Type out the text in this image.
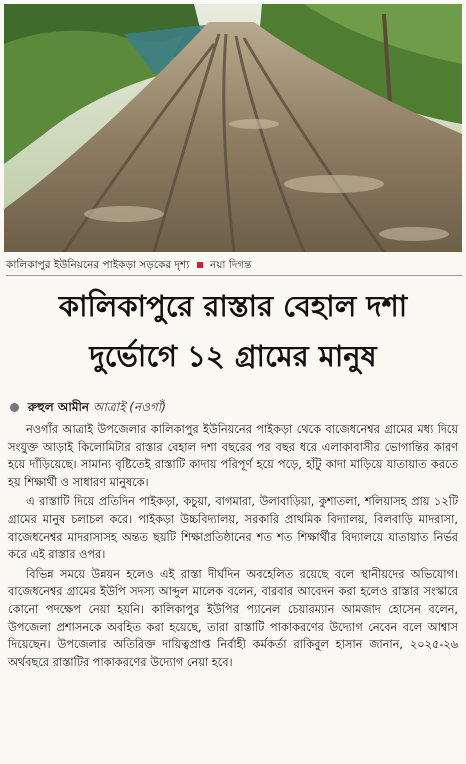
কালিকাপুর ইউনিয়নের পাইকড়া সড়কের দৃশ্য নয়া দিগন্ত
কালিকাপুরে রাস্তার বেহাল দশা
দুর্ভোগে ১২ গ্রামের মানুষ
রুহুল আমীন আত্রাই (নওগাঁ)

নওগাঁর আত্রাই উপজেলার কালিকাপুর ইউনিয়নের পাইকড়া থেকে বাজেধনেশ্বর গ্রামের মধ্য দিয়ে সংযুক্ত আড়াই কিলোমিটার রাস্তার বেহাল দশা বছরের পর বছর ধরে এলাকাবাসীর ভোগান্তির কারণ হয়ে দাঁড়িয়েছে। সামান্য বৃষ্টিতেই রাস্তাটি কাদায় পরিপূর্ণ হয়ে পড়ে, হাঁটু কাদা মাড়িয়ে যাতায়াত করতে হয় শিক্ষার্থী ও সাধারণ মানুষকে।

এ রাস্তাটি দিয়ে প্রতিদিন পাইকড়া, কচুয়া, বাগমারা, উলাবাড়িয়া, কুশাতলা, শলিয়াসহ প্রায় ১২টি গ্রামের মানুষ চলাচল করে। পাইকড়া উচ্চবিদ্যালয়, সরকারি প্রাথমিক বিদ্যালয়, বিলবাড়ি মাদরাসা, বাজেধনেশ্বর মাদরাসাসহ অন্তত ছয়টি শিক্ষাপ্রতিষ্ঠানের শত শত শিক্ষার্থীর বিদ্যালয়ে যাতায়াত নির্ভর করে এই রাস্তার ওপর।

বিভিন্ন সময়ে উন্নয়ন হলেও এই রাস্তা দীর্ঘদিন অবহেলিত রয়েছে বলে স্থানীয়দের অভিযোগ। বাজেধনেশ্বর গ্রামের ইউপি সদস্য আব্দুল মালেক বলেন, বারবার আবেদন করা হলেও রাস্তার সংস্কারে কোনো পদক্ষেপ নেয়া হয়নি। কালিকাপুর ইউপির প্যানেল চেয়ারম্যান আমজাদ হোসেন বলেন, উপজেলা প্রশাসনকে অবহিত করা হয়েছে, তারা রাস্তাটি পাকাকরণের উদ্যোগ নেবেন বলে আশ্বাস দিয়েছেন। উপজেলার অতিরিক্ত দায়িত্বপ্রাপ্ত নির্বাহী কর্মকর্তা রাকিবুল হাসান জানান, ২০২৫-২৬ অর্থবছরে রাস্তাটির পাকাকরণের উদ্যোগ নেয়া হবে।
